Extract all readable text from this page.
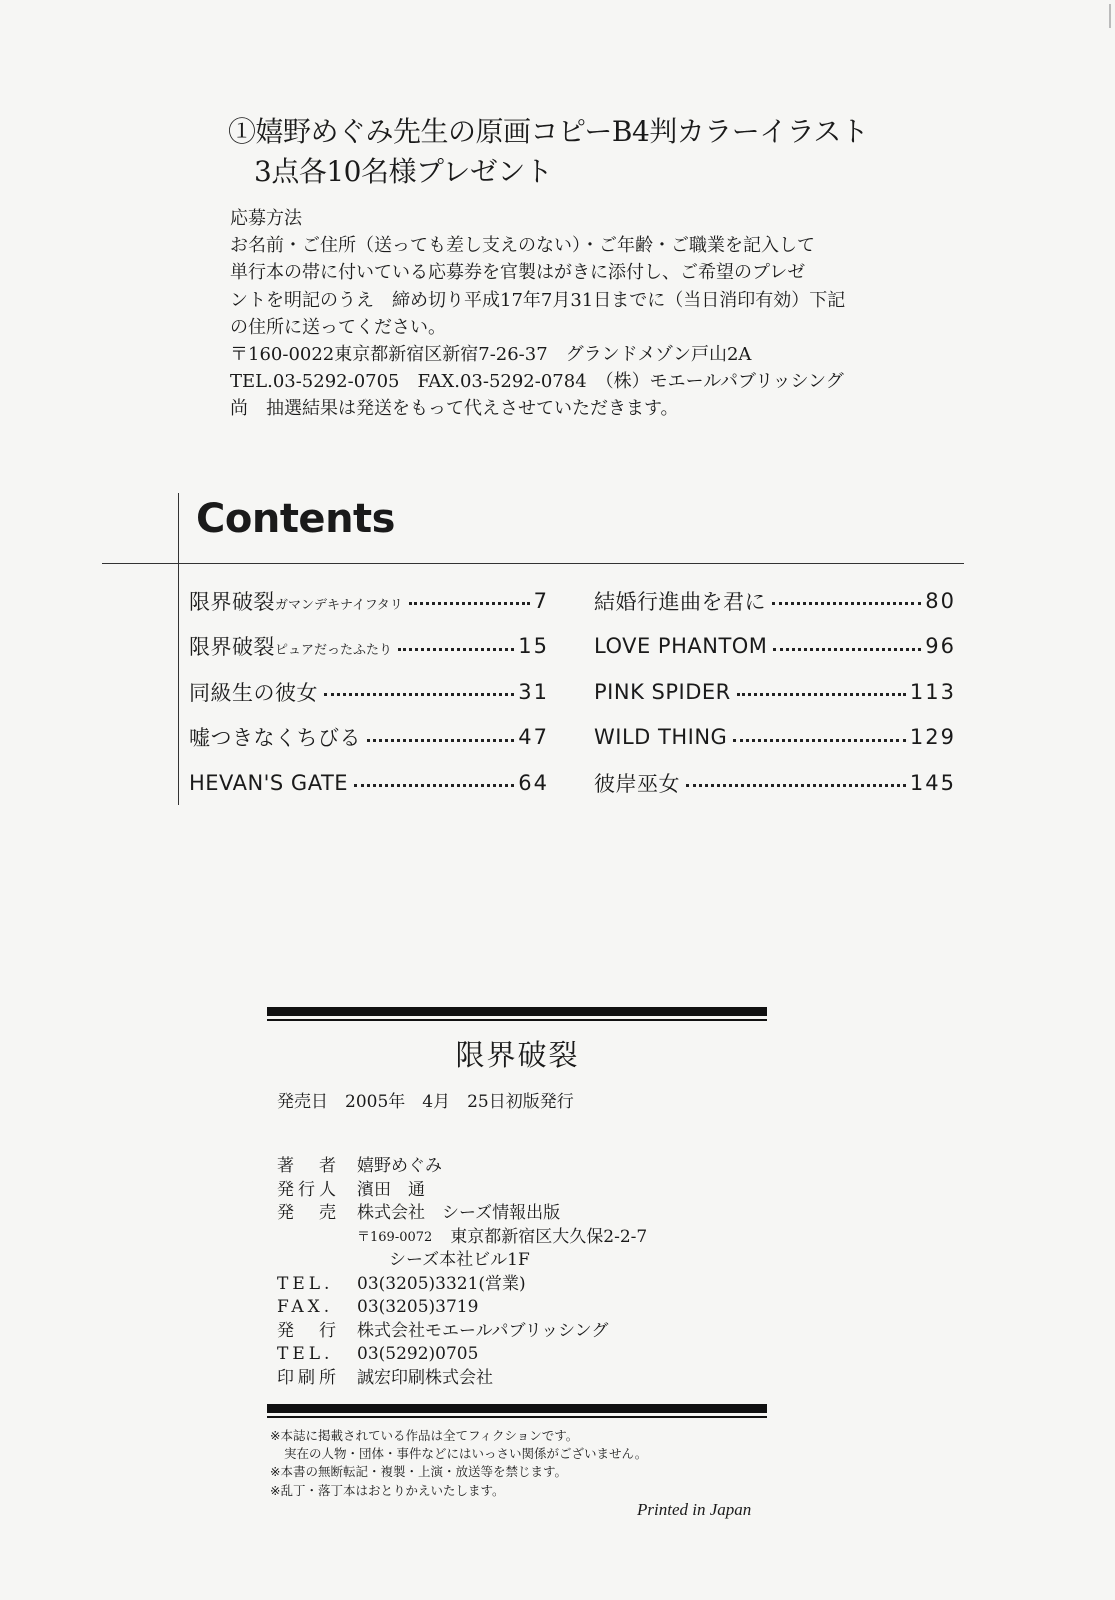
①嬉野めぐみ先生の原画コピーB4判カラーイラスト
3点各10名様プレゼント
応募方法
お名前・ご住所（送っても差し支えのない）・ご年齢・ご職業を記入して
単行本の帯に付いている応募券を官製はがきに添付し、ご希望のプレゼ
ントを明記のうえ　締め切り平成17年7月31日までに（当日消印有効）下記
の住所に送ってください。
〒160-0022東京都新宿区新宿7-26-37　グランドメゾン戸山2A
TEL.03-5292-0705　FAX.03-5292-0784　（株）モエールパブリッシング
尚　抽選結果は発送をもって代えさせていただきます。
Contents
限界破裂ガマンデキナイフタリ	7
限界破裂ピュアだったふたり	15
同級生の彼女	31
嘘つきなくちびる	47
HEVAN'S GATE	64
結婚行進曲を君に	80
LOVE PHANTOM	96
PINK SPIDER	113
WILD THING	129
彼岸巫女	145
限界破裂
発売日　2005年　4月　25日初版発行
著　者	嬉野めぐみ
発行人	濱田　通
発　売	株式会社　シーズ情報出版
〒169-0072	東京都新宿区大久保2-2-7
シーズ本社ビル1F
TEL.	03(3205)3321(営業)
FAX.	03(3205)3719
発　行	株式会社モエールパブリッシング
TEL.	03(5292)0705
印刷所	誠宏印刷株式会社
※本誌に掲載されている作品は全てフィクションです。
実在の人物・団体・事件などにはいっさい関係がございません。
※本書の無断転記・複製・上演・放送等を禁じます。
※乱丁・落丁本はおとりかえいたします。
Printed in Japan
